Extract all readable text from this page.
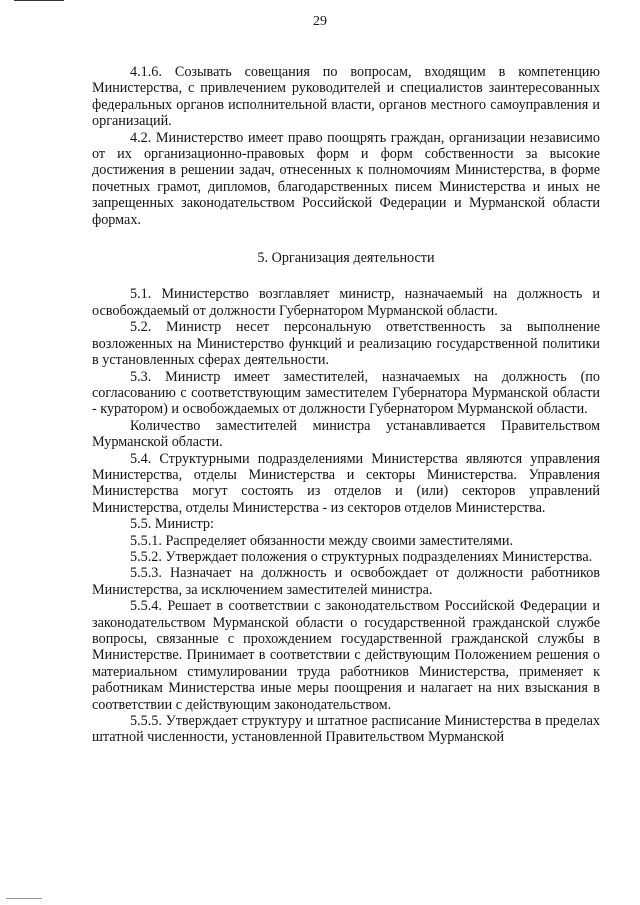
29

4.1.6. Созывать совещания по вопросам, входящим в компетенцию Министерства, с привлечением руководителей и специалистов заинтересованных федеральных органов исполнительной власти, органов местного самоуправления и организаций.

4.2. Министерство имеет право поощрять граждан, организации независимо от их организационно-правовых форм и форм собственности за высокие достижения в решении задач, отнесенных к полномочиям Министерства, в форме почетных грамот, дипломов, благодарственных писем Министерства и иных не запрещенных законодательством Российской Федерации и Мурманской области формах.

5. Организация деятельности

5.1. Министерство возглавляет министр, назначаемый на должность и освобождаемый от должности Губернатором Мурманской области.

5.2. Министр несет персональную ответственность за выполнение возложенных на Министерство функций и реализацию государственной политики в установленных сферах деятельности.

5.3. Министр имеет заместителей, назначаемых на должность (по согласованию с соответствующим заместителем Губернатора Мурманской области - куратором) и освобождаемых от должности Губернатором Мурманской области.

Количество заместителей министра устанавливается Правительством Мурманской области.

5.4. Структурными подразделениями Министерства являются управления Министерства, отделы Министерства и секторы Министерства. Управления Министерства могут состоять из отделов и (или) секторов управлений Министерства, отделы Министерства - из секторов отделов Министерства.

5.5. Министр:

5.5.1. Распределяет обязанности между своими заместителями.

5.5.2. Утверждает положения о структурных подразделениях Министерства.

5.5.3. Назначает на должность и освобождает от должности работников Министерства, за исключением заместителей министра.

5.5.4. Решает в соответствии с законодательством Российской Федерации и законодательством Мурманской области о государственной гражданской службе вопросы, связанные с прохождением государственной гражданской службы в Министерстве. Принимает в соответствии с действующим Положением решения о материальном стимулировании труда работников Министерства, применяет к работникам Министерства иные меры поощрения и налагает на них взыскания в соответствии с действующим законодательством.

5.5.5. Утверждает структуру и штатное расписание Министерства в пределах штатной численности, установленной Правительством Мурманской
